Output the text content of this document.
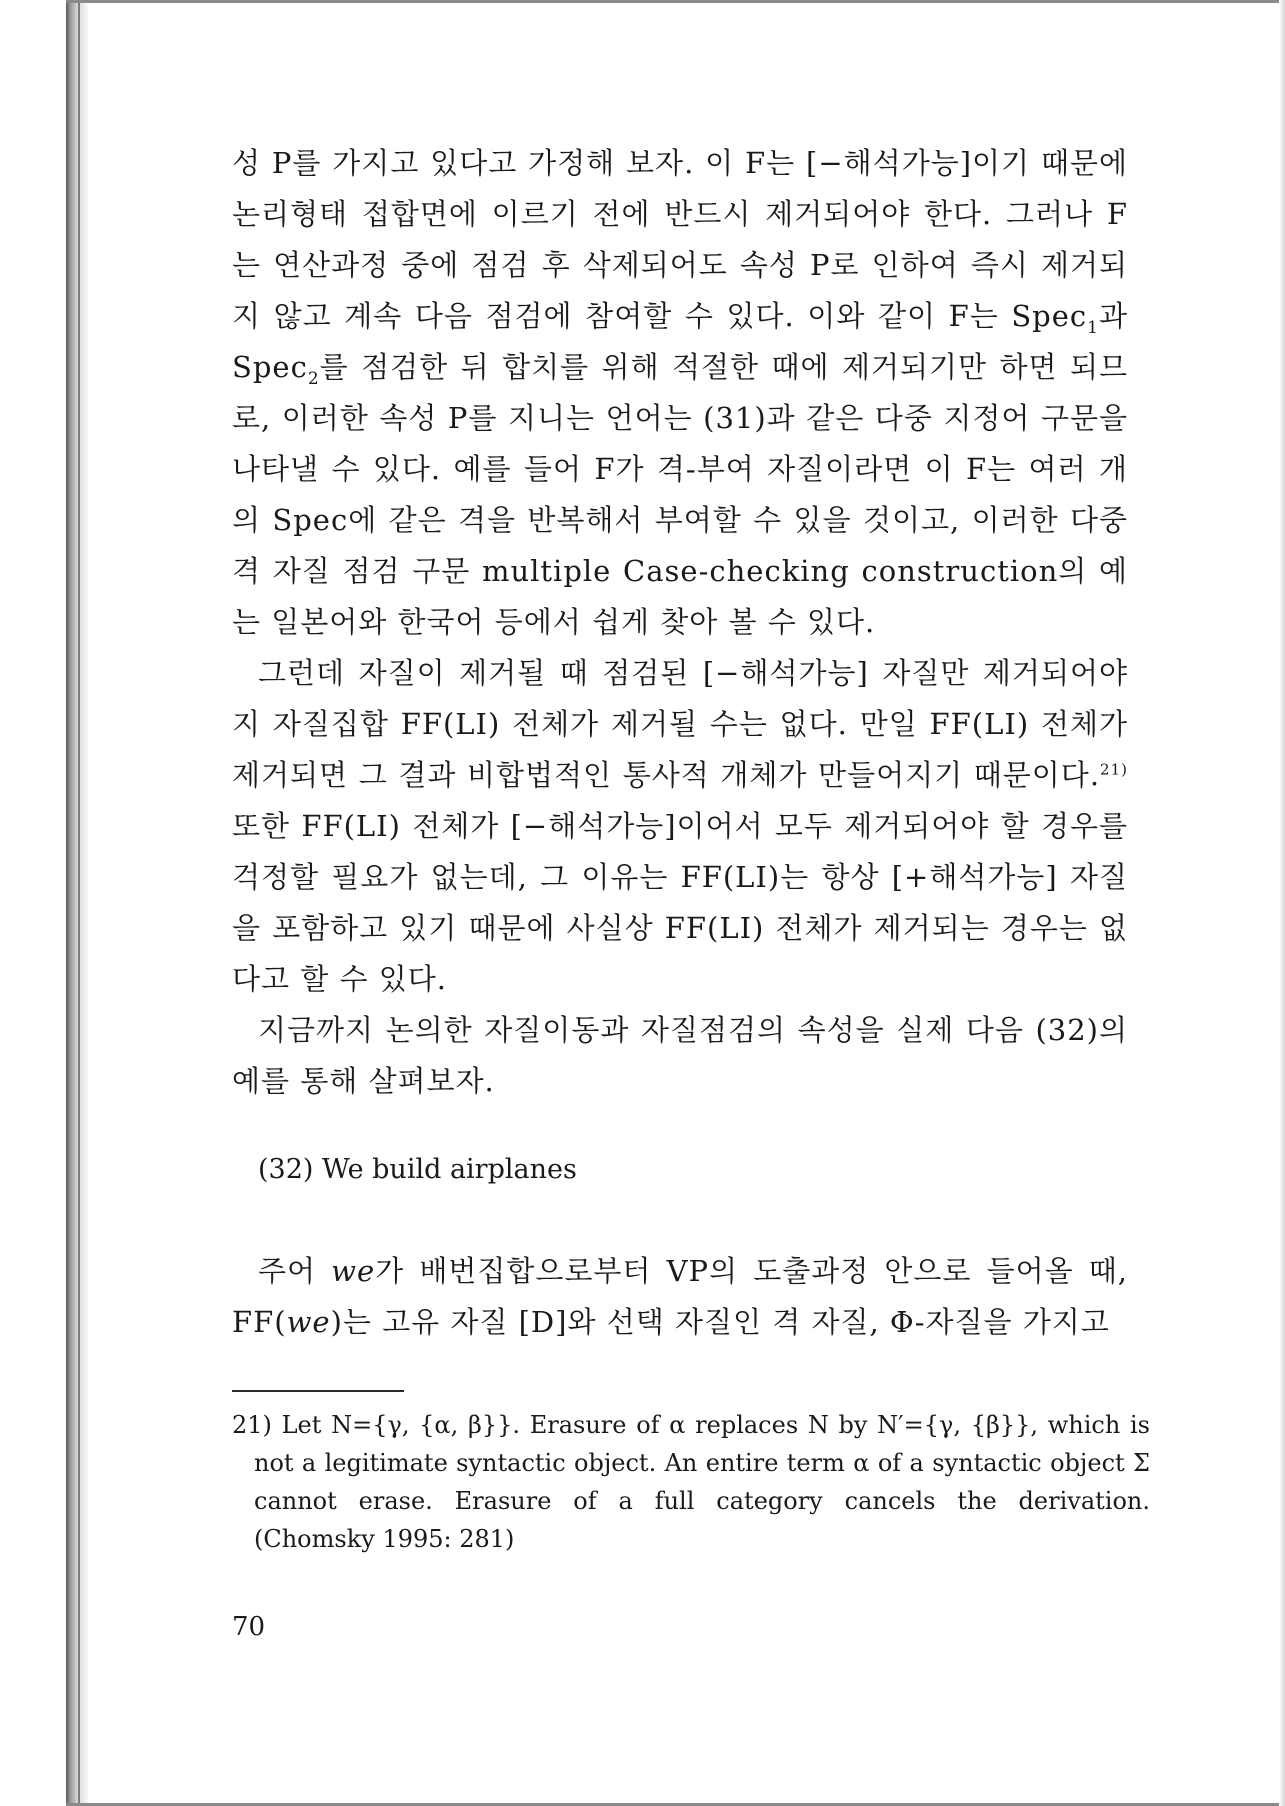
성 P를 가지고 있다고 가정해 보자. 이 F는 [−해석가능]이기 때문에 논리형태 접합면에 이르기 전에 반드시 제거되어야 한다. 그러나 F는 연산과정 중에 점검 후 삭제되어도 속성 P로 인하여 즉시 제거되지 않고 계속 다음 점검에 참여할 수 있다. 이와 같이 F는 Spec$_1$과 Spec$_2$를 점검한 뒤 합치를 위해 적절한 때에 제거되기만 하면 되므로, 이러한 속성 P를 지니는 언어는 (31)과 같은 다중 지정어 구문을 나타낼 수 있다. 예를 들어 F가 격-부여 자질이라면 이 F는 여러 개의 Spec에 같은 격을 반복해서 부여할 수 있을 것이고, 이러한 다중 격 자질 점검 구문 multiple Case-checking construction의 예는 일본어와 한국어 등에서 쉽게 찾아 볼 수 있다.

그런데 자질이 제거될 때 점검된 [−해석가능] 자질만 제거되어야지 자질집합 FF(LI) 전체가 제거될 수는 없다. 만일 FF(LI) 전체가 제거되면 그 결과 비합법적인 통사적 개체가 만들어지기 때문이다.$^{21)}$ 또한 FF(LI) 전체가 [−해석가능]이어서 모두 제거되어야 할 경우를 걱정할 필요가 없는데, 그 이유는 FF(LI)는 항상 [+해석가능] 자질을 포함하고 있기 때문에 사실상 FF(LI) 전체가 제거되는 경우는 없다고 할 수 있다.

지금까지 논의한 자질이동과 자질점검의 속성을 실제 다음 (32)의 예를 통해 살펴보자.

(32) We build airplanes

주어 we가 배번집합으로부터 VP의 도출과정 안으로 들어올 때, FF(we)는 고유 자질 [D]와 선택 자질인 격 자질, Φ-자질을 가지고

21) Let N={γ, {α, β}}. Erasure of α replaces N by N′={γ, {β}}, which is not a legitimate syntactic object. An entire term α of a syntactic object Σ cannot erase. Erasure of a full category cancels the derivation. (Chomsky 1995: 281)

70
